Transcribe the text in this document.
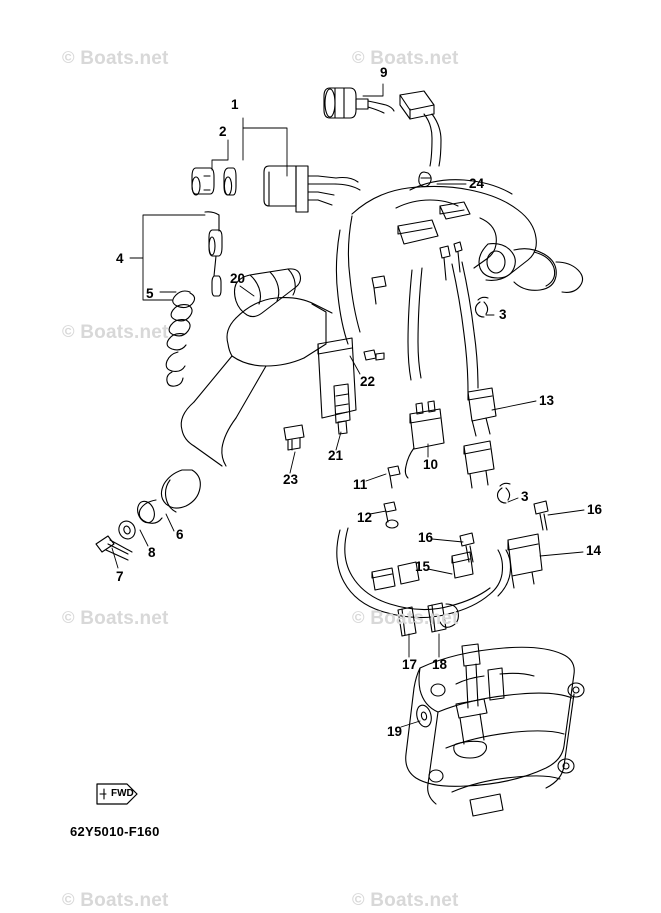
© Boats.net	© Boats.net
© Boats.net
© Boats.net	© Boats.net
© Boats.net
© Boats.net
1
2
9
24
4
5
20
3
22
13
21
10
23	11
3
12
16
6
8
7
16
14
15
17 18
19
FWD
62Y5010-F160
